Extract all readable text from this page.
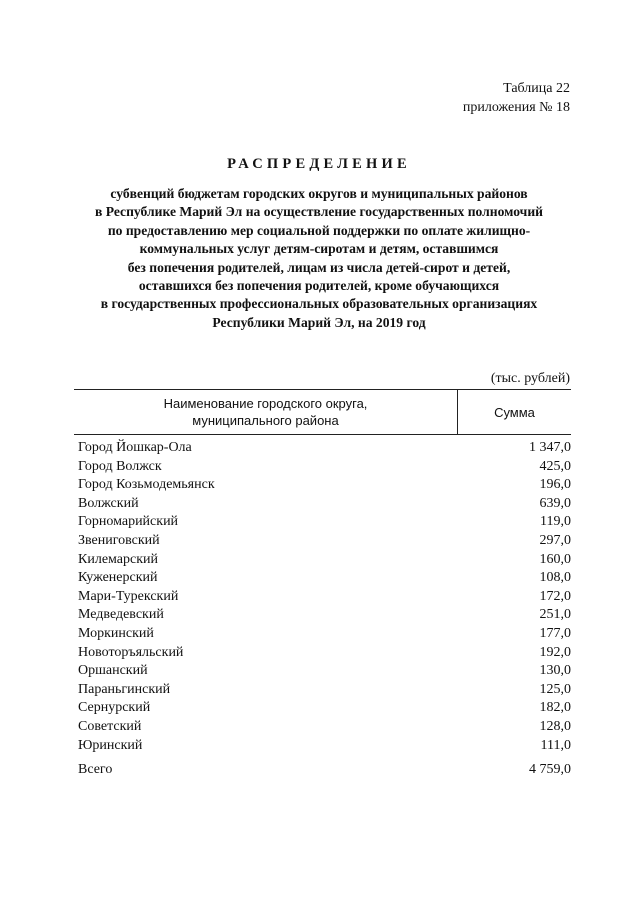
Таблица 22
приложения № 18
РАСПРЕДЕЛЕНИЕ
субвенций бюджетам городских округов и муниципальных районов
в Республике Марий Эл на осуществление государственных полномочий
по предоставлению мер социальной поддержки по оплате жилищно-
коммунальных услуг детям-сиротам и детям, оставшимся
без попечения родителей, лицам из числа детей-сирот и детей,
оставшихся без попечения родителей, кроме обучающихся
в государственных профессиональных образовательных организациях
Республики Марий Эл, на 2019 год
(тыс. рублей)
Наименование городского округа,
муниципального района
Сумма
Город Йошкар-Ола	1 347,0
Город Волжск	425,0
Город Козьмодемьянск	196,0
Волжский	639,0
Горномарийский	119,0
Звениговский	297,0
Килемарский	160,0
Куженерский	108,0
Мари-Турекский	172,0
Медведевский	251,0
Моркинский	177,0
Новоторъяльский	192,0
Оршанский	130,0
Параньгинский	125,0
Сернурский	182,0
Советский	128,0
Юринский	111,0
Всего	4 759,0
